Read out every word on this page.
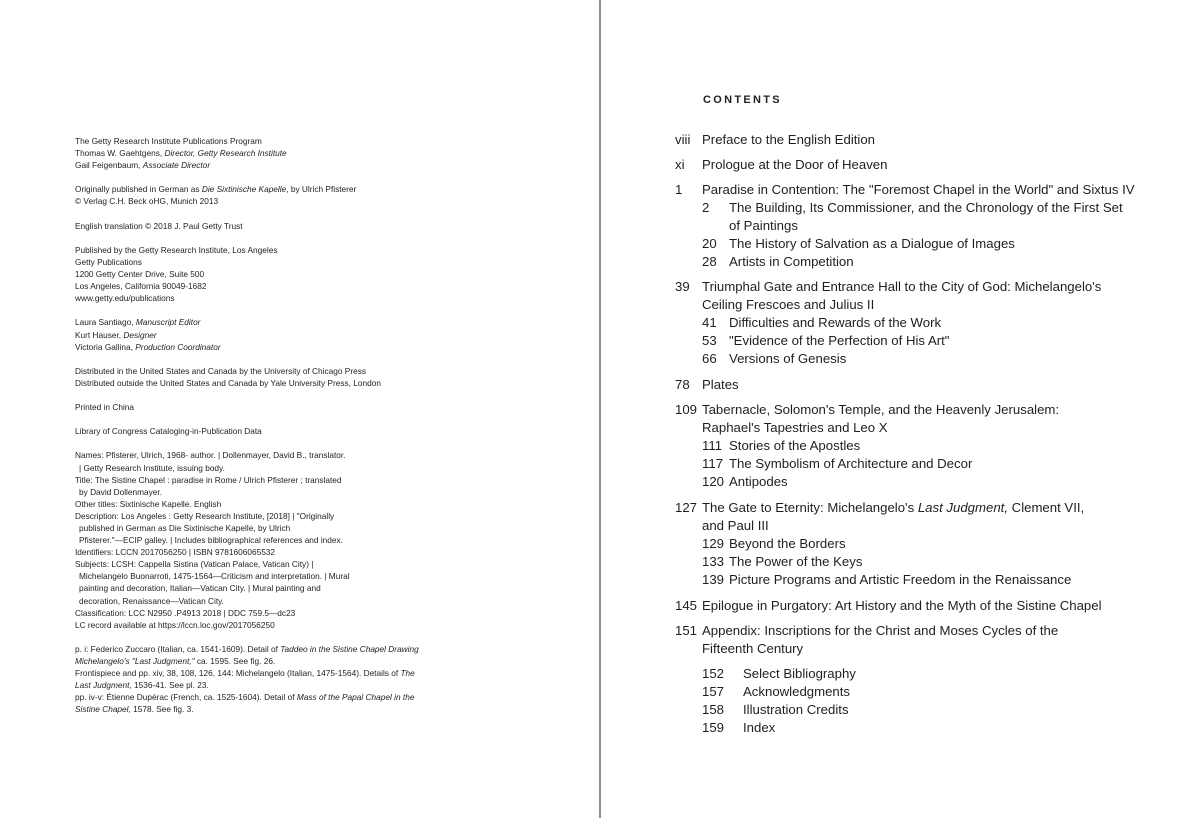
The Getty Research Institute Publications Program
Thomas W. Gaehtgens, Director, Getty Research Institute
Gail Feigenbaum, Associate Director
Originally published in German as Die Sixtinische Kapelle, by Ulrich Pfisterer
© Verlag C.H. Beck oHG, Munich 2013
English translation © 2018 J. Paul Getty Trust
Published by the Getty Research Institute, Los Angeles
Getty Publications
1200 Getty Center Drive, Suite 500
Los Angeles, California 90049-1682
www.getty.edu/publications
Laura Santiago, Manuscript Editor
Kurt Hauser, Designer
Victoria Gallina, Production Coordinator
Distributed in the United States and Canada by the University of Chicago Press
Distributed outside the United States and Canada by Yale University Press, London
Printed in China
Library of Congress Cataloging-in-Publication Data
Names: Pfisterer, Ulrich, 1968- author. | Dollenmayer, David B., translator.
| Getty Research Institute, issuing body.
Title: The Sistine Chapel : paradise in Rome / Ulrich Pfisterer ; translated
by David Dollenmayer.
Other titles: Sixtinische Kapelle. English
Description: Los Angeles : Getty Research Institute, [2018] | "Originally
published in German as Die Sixtinische Kapelle, by Ulrich
Pfisterer."—ECIP galley. | Includes bibliographical references and index.
Identifiers: LCCN 2017056250 | ISBN 9781606065532
Subjects: LCSH: Cappella Sistina (Vatican Palace, Vatican City) |
Michelangelo Buonarroti, 1475-1564—Criticism and interpretation. | Mural
painting and decoration, Italian—Vatican City. | Mural painting and
decoration, Renaissance—Vatican City.
Classification: LCC N2950 .P4913 2018 | DDC 759.5—dc23
LC record available at https://lccn.loc.gov/2017056250
p. i: Federico Zuccaro (Italian, ca. 1541-1609). Detail of Taddeo in the Sistine Chapel Drawing
Michelangelo's "Last Judgment," ca. 1595. See fig. 26.
Frontispiece and pp. xiv, 38, 108, 126, 144: Michelangelo (Italian, 1475-1564). Details of The
Last Judgment, 1536-41. See pl. 23.
pp. iv-v: Étienne Dupérac (French, ca. 1525-1604). Detail of Mass of the Papal Chapel in the
Sistine Chapel, 1578. See fig. 3.
CONTENTS
viii Preface to the English Edition
xi	Prologue at the Door of Heaven
1	Paradise in Contention: The "Foremost Chapel in the World" and Sixtus IV
2	The Building, Its Commissioner, and the Chronology of the First Set
of Paintings
20 The History of Salvation as a Dialogue of Images
28 Artists in Competition
39 Triumphal Gate and Entrance Hall to the City of God: Michelangelo's
Ceiling Frescoes and Julius II
41 Difficulties and Rewards of the Work
53 "Evidence of the Perfection of His Art"
66 Versions of Genesis
78 Plates
109 Tabernacle, Solomon's Temple, and the Heavenly Jerusalem:
Raphael's Tapestries and Leo X
111 Stories of the Apostles
117 The Symbolism of Architecture and Decor
120 Antipodes
127 The Gate to Eternity: Michelangelo's Last Judgment, Clement VII,
and Paul III
129 Beyond the Borders
133 The Power of the Keys
139 Picture Programs and Artistic Freedom in the Renaissance
145 Epilogue in Purgatory: Art History and the Myth of the Sistine Chapel
151 Appendix: Inscriptions for the Christ and Moses Cycles of the
Fifteenth Century
152	Select Bibliography
157	Acknowledgments
158	Illustration Credits
159	Index
